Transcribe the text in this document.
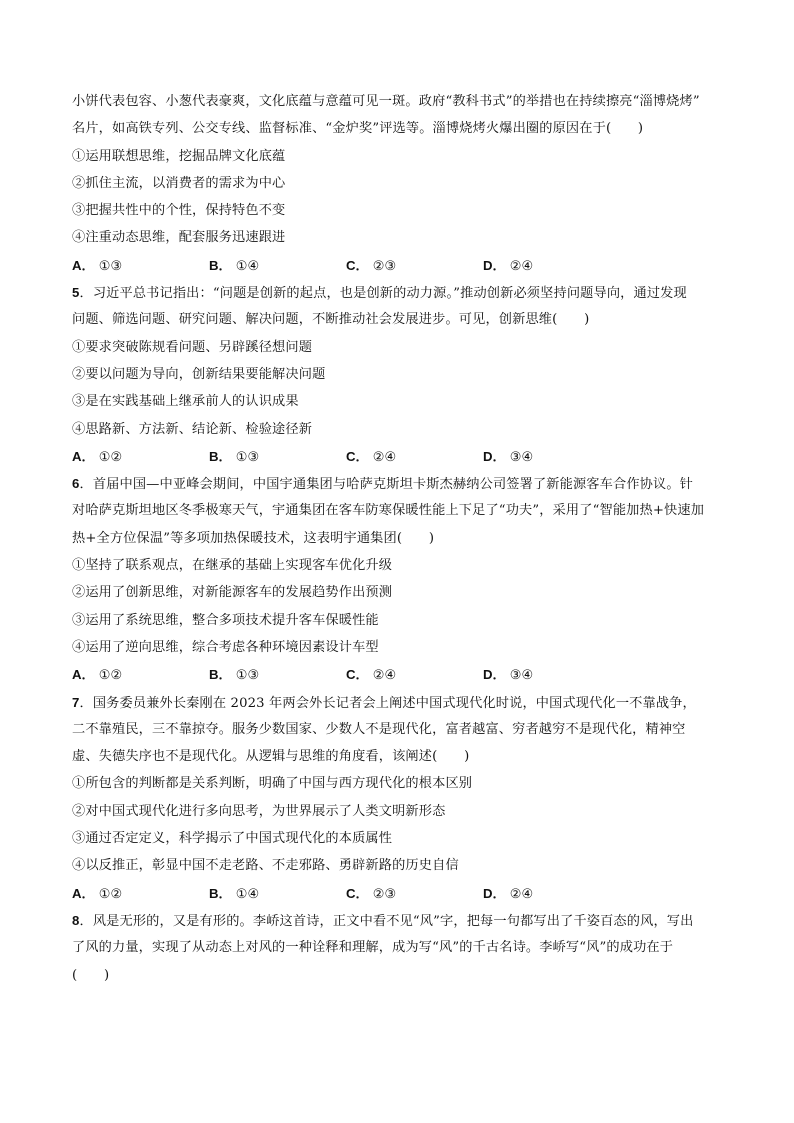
小饼代表包容、小葱代表豪爽，文化底蕴与意蕴可见一斑。政府“教科书式”的举措也在持续擦亮“淄博烧烤”
名片，如高铁专列、公交专线、监督标准、“金炉奖”评选等。淄博烧烤火爆出圈的原因在于(　　)
①运用联想思维，挖掘品牌文化底蕴
②抓住主流，以消费者的需求为中心
③把握共性中的个性，保持特色不变
④注重动态思维，配套服务迅速跟进
A． ①③	B． ①④	C． ②③	D． ②④
5．习近平总书记指出：“问题是创新的起点，也是创新的动力源。”推动创新必须坚持问题导向，通过发现
问题、筛选问题、研究问题、解决问题，不断推动社会发展进步。可见，创新思维(　　)
①要求突破陈规看问题、另辟蹊径想问题
②要以问题为导向，创新结果要能解决问题
③是在实践基础上继承前人的认识成果
④思路新、方法新、结论新、检验途径新
A． ①②	B． ①③	C． ②④	D． ③④
6．首届中国—中亚峰会期间，中国宇通集团与哈萨克斯坦卡斯杰赫纳公司签署了新能源客车合作协议。针
对哈萨克斯坦地区冬季极寒天气，宇通集团在客车防寒保暖性能上下足了“功夫”，采用了“智能加热+快速加
热+全方位保温”等多项加热保暖技术，这表明宇通集团(　　)
①坚持了联系观点，在继承的基础上实现客车优化升级
②运用了创新思维，对新能源客车的发展趋势作出预测
③运用了系统思维，整合多项技术提升客车保暖性能
④运用了逆向思维，综合考虑各种环境因素设计车型
A． ①②	B． ①③	C． ②④	D． ③④
7．国务委员兼外长秦刚在 2023 年两会外长记者会上阐述中国式现代化时说，中国式现代化一不靠战争，
二不靠殖民，三不靠掠夺。服务少数国家、少数人不是现代化，富者越富、穷者越穷不是现代化，精神空
虚、失德失序也不是现代化。从逻辑与思维的角度看，该阐述(　　)
①所包含的判断都是关系判断，明确了中国与西方现代化的根本区别
②对中国式现代化进行多向思考，为世界展示了人类文明新形态
③通过否定定义，科学揭示了中国式现代化的本质属性
④以反推正，彰显中国不走老路、不走邪路、勇辟新路的历史自信
A． ①②	B． ①④	C． ②③	D． ②④
8．风是无形的，又是有形的。李峤这首诗，正文中看不见“风”字，把每一句都写出了千姿百态的风，写出
了风的力量，实现了从动态上对风的一种诠释和理解，成为写“风”的千古名诗。李峤写“风”的成功在于
(　　)
